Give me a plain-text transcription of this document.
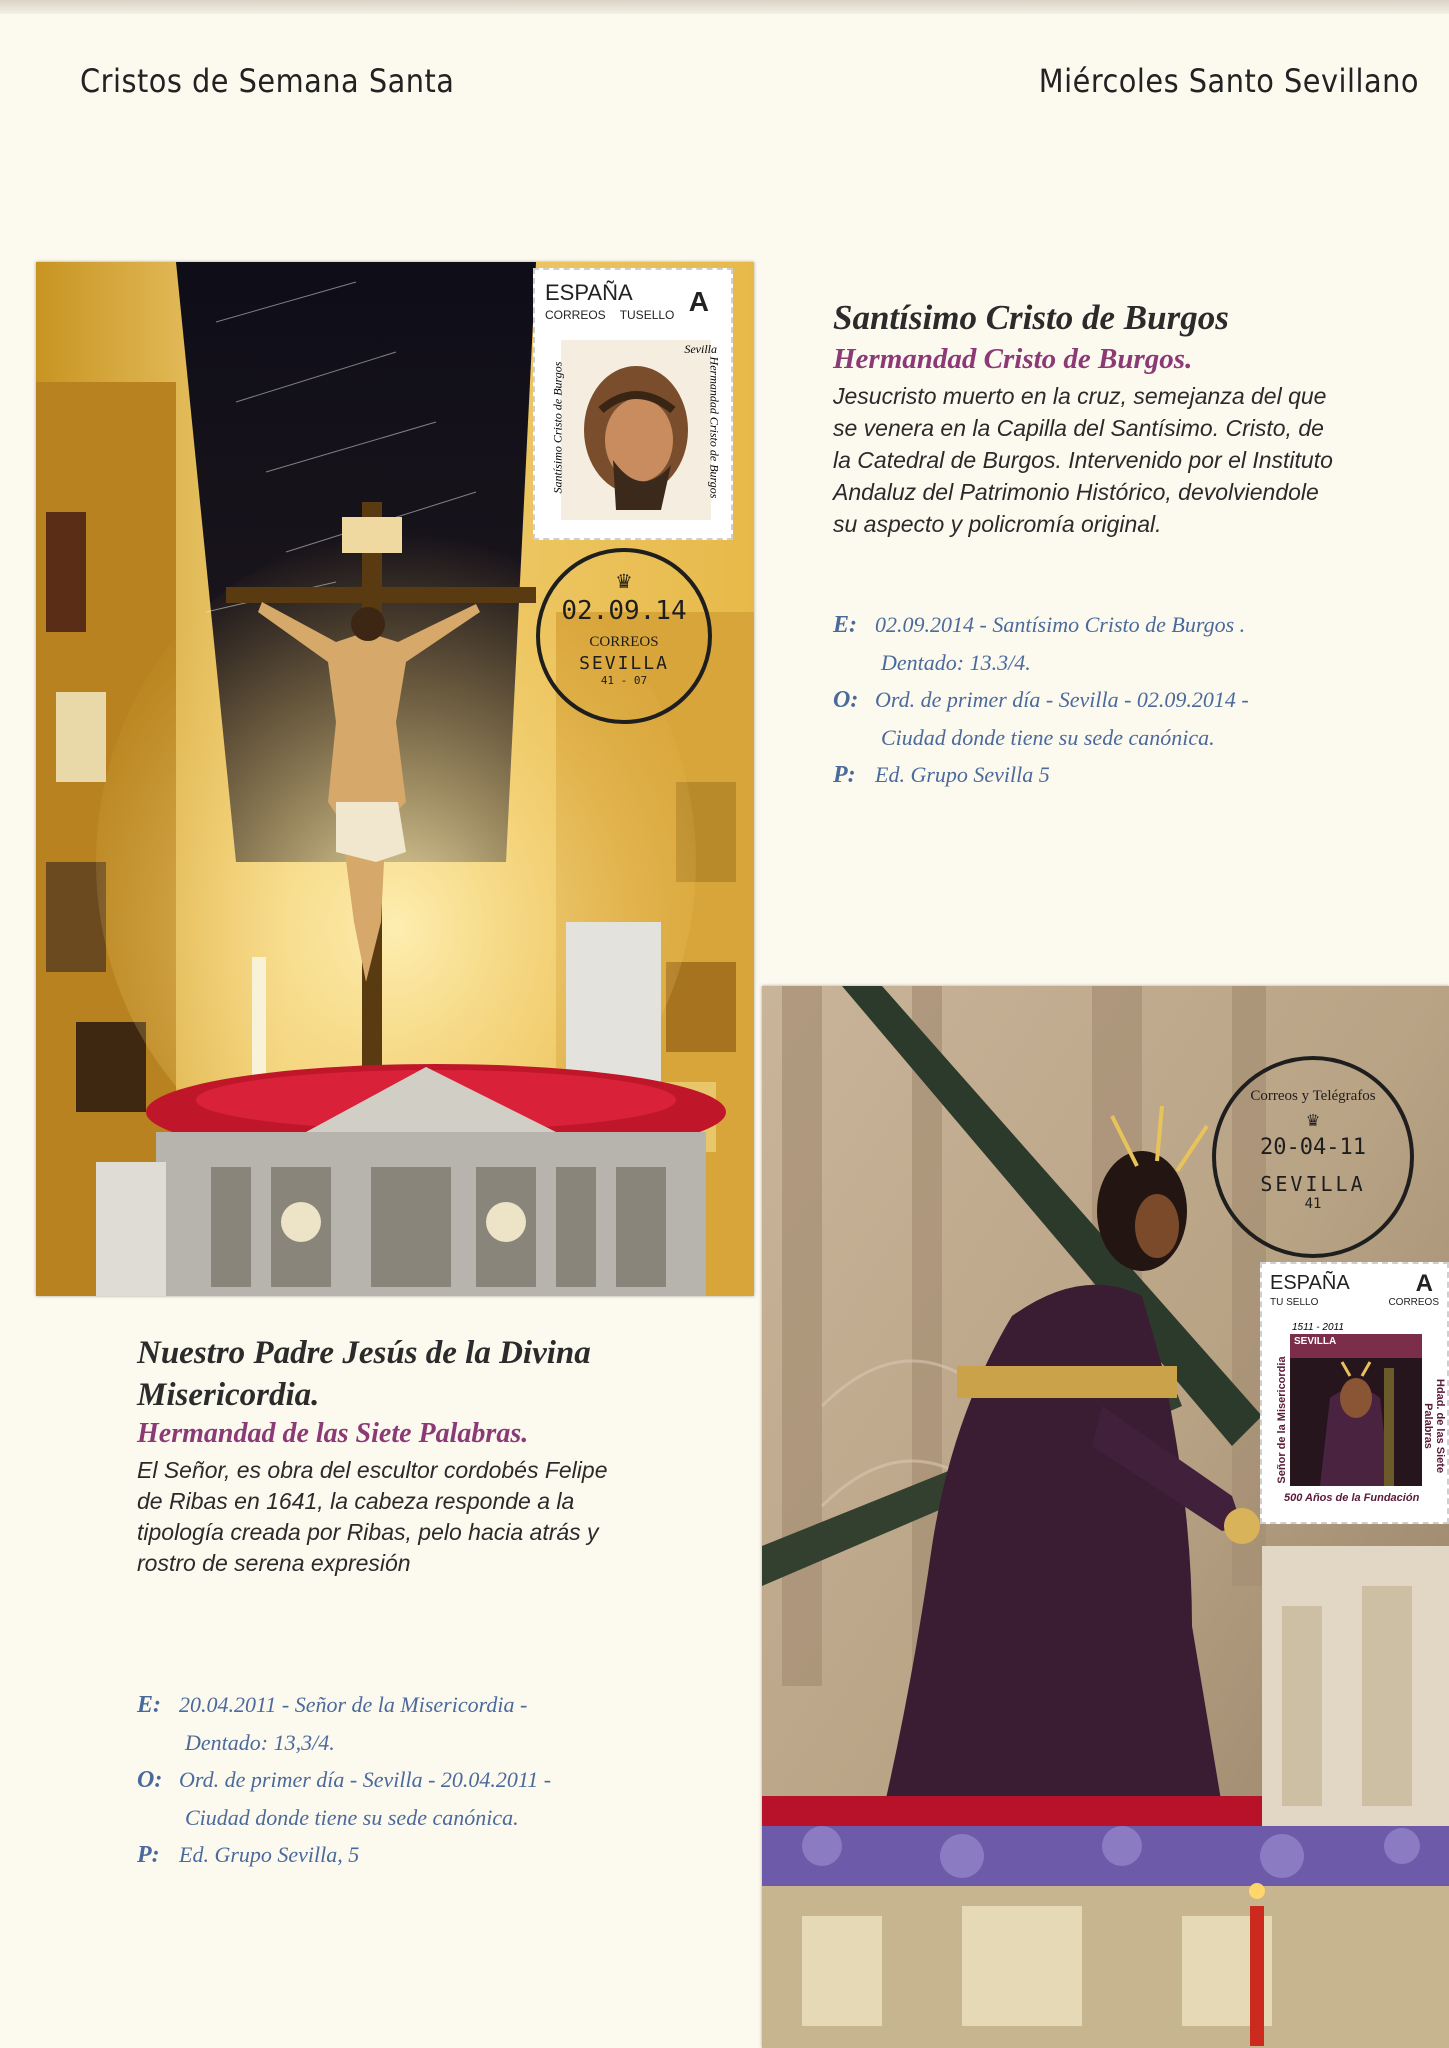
Cristos de Semana Santa	Miércoles Santo Sevillano
ESPAÑA
CORREOS TUSELLO A
Sevilla
Santísimo Cristo de Burgos	Hermandad Cristo de Burgos
♛
02.09.14
CORREOS
SEVILLA
41 - 07
Santísimo Cristo de Burgos
Hermandad Cristo de Burgos.
Jesucristo muerto en la cruz, semejanza del que
se venera en la Capilla del Santísimo. Cristo, de
la Catedral de Burgos. Intervenido por el Instituto
Andaluz del Patrimonio Histórico, devolviendole
su aspecto y policromía original.
E: 02.09.2014 - Santísimo Cristo de Burgos .
Dentado: 13.3/4.
O: Ord. de primer día - Sevilla - 02.09.2014 -
Ciudad donde tiene su sede canónica.
P: Ed. Grupo Sevilla 5
Correos y Telégrafos
♛
20-04-11
SEVILLA
41
ESPAÑA
TU SELLO	CORREOS
A
1511 - 2011
SEVILLA
Señor de la Misericordia	Hdad. de las Siete Palabras
500 Años de la Fundación
Nuestro Padre Jesús de la Divina
Misericordia.
Hermandad de las Siete Palabras.
El Señor, es obra del escultor cordobés Felipe
de Ribas en 1641, la cabeza responde a la
tipología creada por Ribas, pelo hacia atrás y
rostro de serena expresión
E: 20.04.2011 - Señor de la Misericordia -
Dentado: 13,3/4.
O: Ord. de primer día - Sevilla - 20.04.2011 -
Ciudad donde tiene su sede canónica.
P: Ed. Grupo Sevilla, 5
